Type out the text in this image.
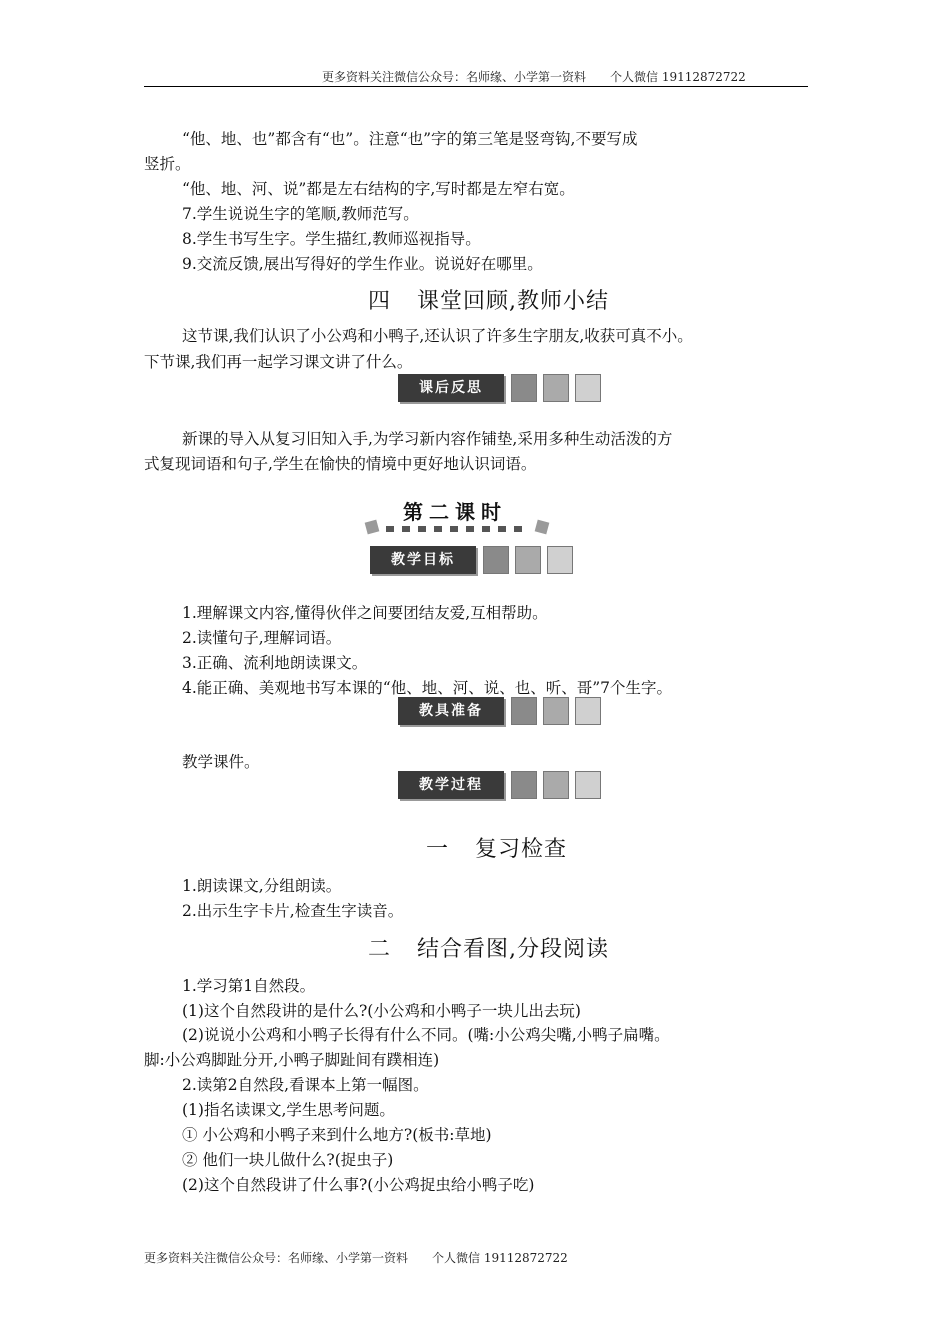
更多资料关注微信公众号：名师缘、小学第一资料　　个人微信 19112872722
“他、地、也”都含有“也”。注意“也”字的第三笔是竖弯钩,不要写成
竖折。
“他、地、河、说”都是左右结构的字,写时都是左窄右宽。
7.学生说说生字的笔顺,教师范写。
8.学生书写生字。学生描红,教师巡视指导。
9.交流反馈,展出写得好的学生作业。说说好在哪里。
四 课堂回顾,教师小结
这节课,我们认识了小公鸡和小鸭子,还认识了许多生字朋友,收获可真不小。
下节课,我们再一起学习课文讲了什么。
课后反思
新课的导入从复习旧知入手,为学习新内容作铺垫,采用多种生动活泼的方
式复现词语和句子,学生在愉快的情境中更好地认识词语。
第二课时
教学目标
1.理解课文内容,懂得伙伴之间要团结友爱,互相帮助。
2.读懂句子,理解词语。
3.正确、流利地朗读课文。
4.能正确、美观地书写本课的“他、地、河、说、也、听、哥”7个生字。
教具准备
教学课件。
教学过程
一 复习检查
1.朗读课文,分组朗读。
2.出示生字卡片,检查生字读音。
二 结合看图,分段阅读
1.学习第1自然段。
(1)这个自然段讲的是什么?(小公鸡和小鸭子一块儿出去玩)
(2)说说小公鸡和小鸭子长得有什么不同。(嘴:小公鸡尖嘴,小鸭子扁嘴。
脚:小公鸡脚趾分开,小鸭子脚趾间有蹼相连)
2.读第2自然段,看课本上第一幅图。
(1)指名读课文,学生思考问题。
① 小公鸡和小鸭子来到什么地方?(板书:草地)
② 他们一块儿做什么?(捉虫子)
(2)这个自然段讲了什么事?(小公鸡捉虫给小鸭子吃)
更多资料关注微信公众号：名师缘、小学第一资料　　个人微信 19112872722
